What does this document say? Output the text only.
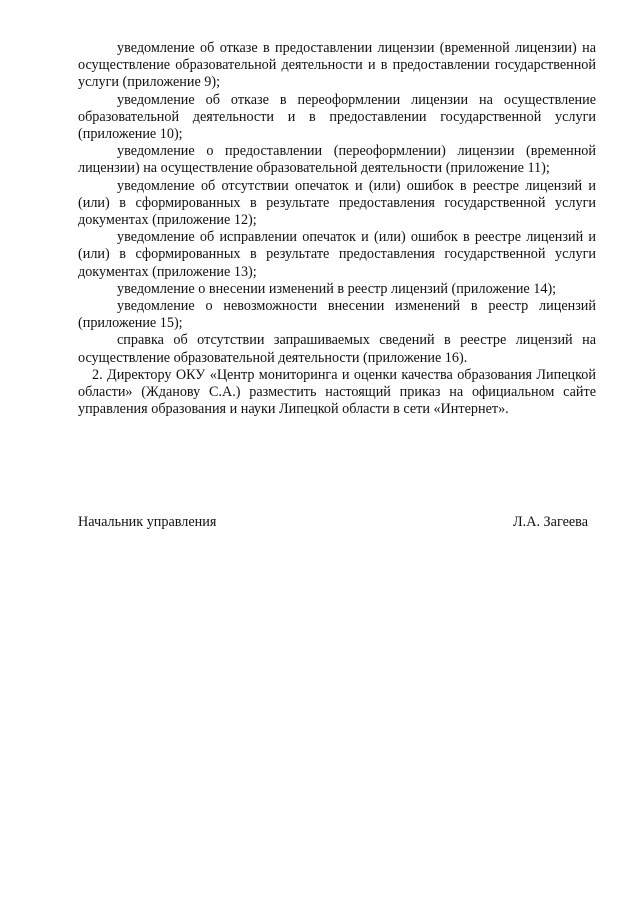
уведомление об отказе в предоставлении лицензии (временной лицензии) на осуществление образовательной деятельности и в предоставлении государственной услуги (приложение 9);

уведомление об отказе в переоформлении лицензии на осуществление образовательной деятельности и в предоставлении государственной услуги (приложение 10);

уведомление о предоставлении (переоформлении) лицензии (временной лицензии) на осуществление образовательной деятельности (приложение 11);

уведомление об отсутствии опечаток и (или) ошибок в реестре лицензий и (или) в сформированных в результате предоставления государственной услуги документах (приложение 12);

уведомление об исправлении опечаток и (или) ошибок в реестре лицензий и (или) в сформированных в результате предоставления государственной услуги документах (приложение 13);

уведомление о внесении изменений в реестр лицензий (приложение 14);

уведомление о невозможности внесении изменений в реестр лицензий (приложение 15);

справка об отсутствии запрашиваемых сведений в реестре лицензий на осуществление образовательной деятельности (приложение 16).

2. Директору ОКУ «Центр мониторинга и оценки качества образования Липецкой области» (Жданову С.А.) разместить настоящий приказ на официальном сайте управления образования и науки Липецкой области в сети «Интернет».

Начальник управления	Л.А. Загеева
